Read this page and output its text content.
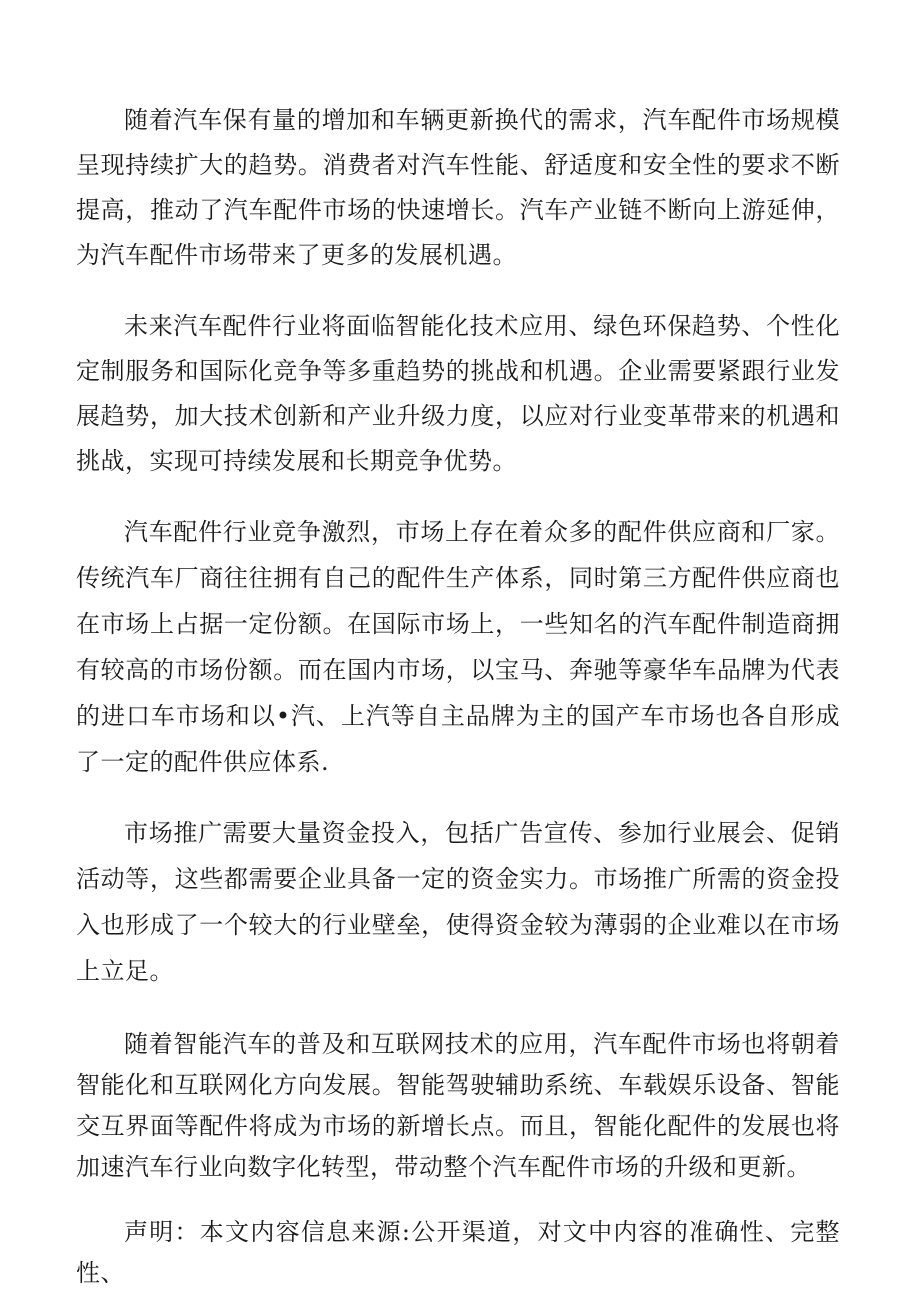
随着汽车保有量的增加和车辆更新换代的需求，汽车配件市场规模呈现持续扩大的趋势。消费者对汽车性能、舒适度和安全性的要求不断提高，推动了汽车配件市场的快速增长。汽车产业链不断向上游延伸，为汽车配件市场带来了更多的发展机遇。

未来汽车配件行业将面临智能化技术应用、绿色环保趋势、个性化定制服务和国际化竞争等多重趋势的挑战和机遇。企业需要紧跟行业发展趋势，加大技术创新和产业升级力度，以应对行业变革带来的机遇和挑战，实现可持续发展和长期竞争优势。

汽车配件行业竞争激烈，市场上存在着众多的配件供应商和厂家。传统汽车厂商往往拥有自己的配件生产体系，同时第三方配件供应商也在市场上占据一定份额。在国际市场上，一些知名的汽车配件制造商拥有较高的市场份额。而在国内市场，以宝马、奔驰等豪华车品牌为代表的进口车市场和以•汽、上汽等自主品牌为主的国产车市场也各自形成了一定的配件供应体系.

市场推广需要大量资金投入，包括广告宣传、参加行业展会、促销活动等，这些都需要企业具备一定的资金实力。市场推广所需的资金投入也形成了一个较大的行业壁垒，使得资金较为薄弱的企业难以在市场上立足。

随着智能汽车的普及和互联网技术的应用，汽车配件市场也将朝着智能化和互联网化方向发展。智能驾驶辅助系统、车载娱乐设备、智能交互界面等配件将成为市场的新增长点。而且，智能化配件的发展也将加速汽车行业向数字化转型，带动整个汽车配件市场的升级和更新。

声明：本文内容信息来源:公开渠道，对文中内容的准确性、完整性、
